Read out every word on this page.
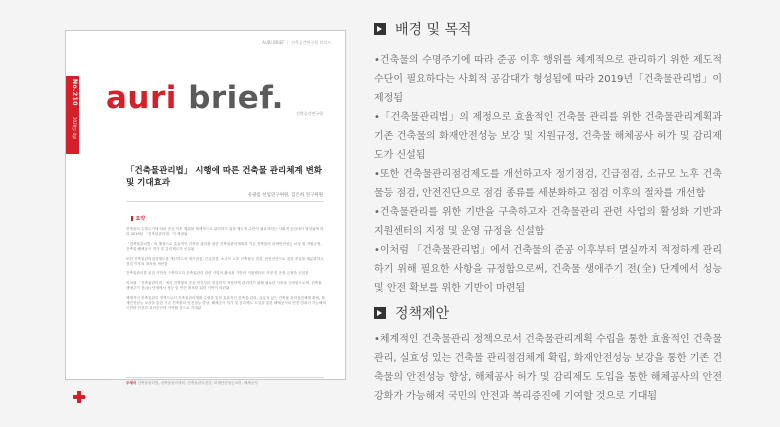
AURI BRIEF ｜ 건축공간연구원 브리프
No.210
2020년 4월
auri brief.	건축공간연구원
「건축물관리법」 시행에 따른 건축물 관리체계 변화 및 기대효과
유광흠 선임연구위원, 김은희 연구위원
요약
건축물의 수명주기에 따라 준공 이후 행위를 체계적으로 관리하기 위한 제도적 수단이 필요하다는 사회적 공감대가 형성됨에 따라 2019년 「건축물관리법」이 제정됨
「건축물관리법」의 제정으로 효율적인 건축물 관리를 위한 건축물관리계획과 기존 건축물의 화재안전성능 보강 및 지원규정, 건축물 해체공사 허가 및 감리제도가 신설됨
또한 건축물관리점검제도를 개선하고자 정기점검, 긴급점검, 소규모 노후 건축물등 점검, 안전진단으로 점검 종류를 세분화하고 점검 이후의 절차를 개선함
건축물관리를 위한 기반을 구축하고자 건축물관리 관련 사업의 활성화 기반과 지원센터의 지정 및 운영 규정을 신설함
이처럼 「건축물관리법」에서 건축물의 준공 이후부터 멸실까지 적정하게 관리하기 위해 필요한 사항을 규정함으로써, 건축물 생애주기 전(全) 단계에서 성능 및 안전 확보를 위한 기반이 마련됨
체계적인 건축물관리 정책으로서 건축물관리계획 수립을 통한 효율적인 건축물 관리, 실효성 있는 건축물 관리점검체계 확립, 화재안전성능 보강을 통한 기존 건축물의 안전성능 향상, 해체공사 허가 및 감리제도 도입을 통한 해체공사의 안전 강화가 가능해져 국민의 안전과 복리증진에 기여할 것으로 기대됨
주제어 건축물관리법, 건축물관리계획, 건축물관리점검, 화재안전성능보강, 해체공사
배경 및 목적
•건축물의 수명주기에 따라 준공 이후 행위를 체계적으로 관리하기 위한 제도적 수단이 필요하다는 사회적 공감대가 형성됨에 따라 2019년「건축물관리법」이 제정됨
•「건축물관리법」의 제정으로 효율적인 건축물 관리를 위한 건축물관리계획과 기존 건축물의 화재안전성능 보강 및 지원규정, 건축물 해체공사 허가 및 감리제도가 신설됨
•또한 건축물관리점검제도를 개선하고자 정기점검, 긴급점검, 소규모 노후 건축물등 점검, 안전진단으로 점검 종류를 세분화하고 점검 이후의 절차를 개선함
•건축물관리를 위한 기반을 구축하고자 건축물관리 관련 사업의 활성화 기반과 지원센터의 지정 및 운영 규정을 신설함
•이처럼 「건축물관리법」에서 건축물의 준공 이후부터 멸실까지 적정하게 관리하기 위해 필요한 사항을 규정함으로써, 건축물 생애주기 전(全) 단계에서 성능 및 안전 확보를 위한 기반이 마련됨
정책제안
•체계적인 건축물관리 정책으로서 건축물관리계획 수립을 통한 효율적인 건축물 관리, 실효성 있는 건축물 관리점검체계 확립, 화재안전성능 보강을 통한 기존 건축물의 안전성능 향상, 해체공사 허가 및 감리제도 도입을 통한 해체공사의 안전 강화가 가능해져 국민의 안전과 복리증진에 기여할 것으로 기대됨
